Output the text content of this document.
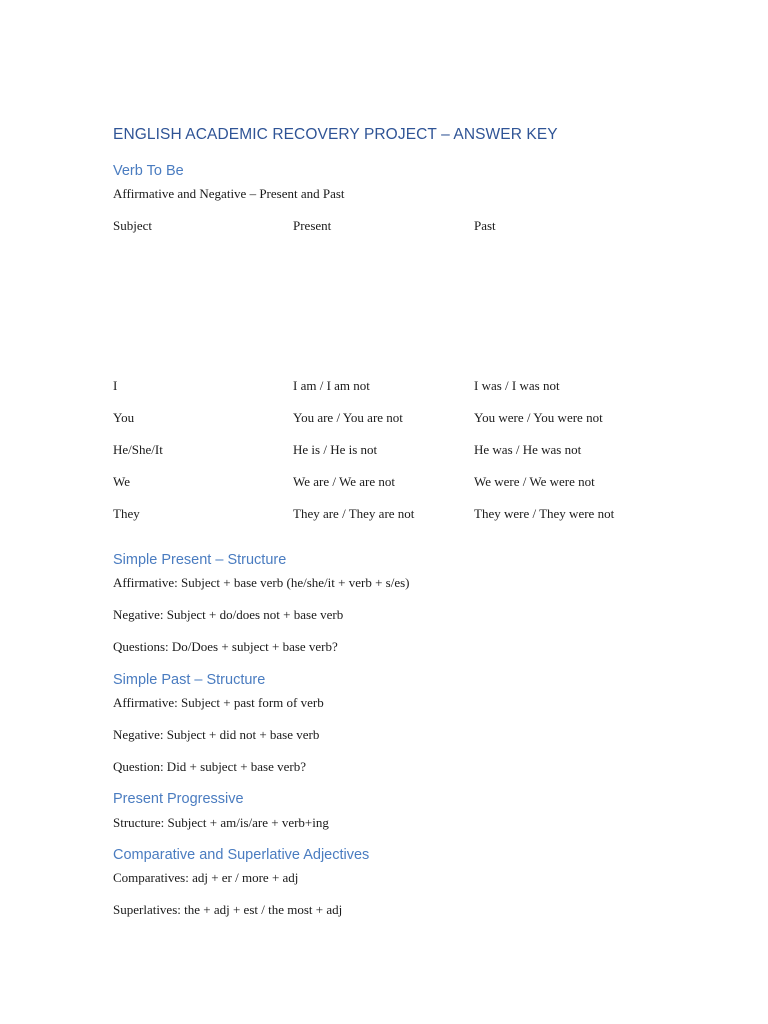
ENGLISH ACADEMIC RECOVERY PROJECT – ANSWER KEY
Verb To Be

Affirmative and Negative – Present and Past

Subject	Present	Past
I	I am / I am not	I was / I was not
You	You are / You are not	You were / You were not
He/She/It	He is / He is not	He was / He was not
We	We are / We are not	We were / We were not
They	They are / They are not	They were / They were not
Simple Present – Structure

Affirmative: Subject + base verb (he/she/it + verb + s/es)

Negative: Subject + do/does not + base verb

Questions: Do/Does + subject + base verb?

Simple Past – Structure

Affirmative: Subject + past form of verb

Negative: Subject + did not + base verb

Question: Did + subject + base verb?

Present Progressive

Structure: Subject + am/is/are + verb+ing

Comparative and Superlative Adjectives

Comparatives: adj + er / more + adj

Superlatives: the + adj + est / the most + adj
